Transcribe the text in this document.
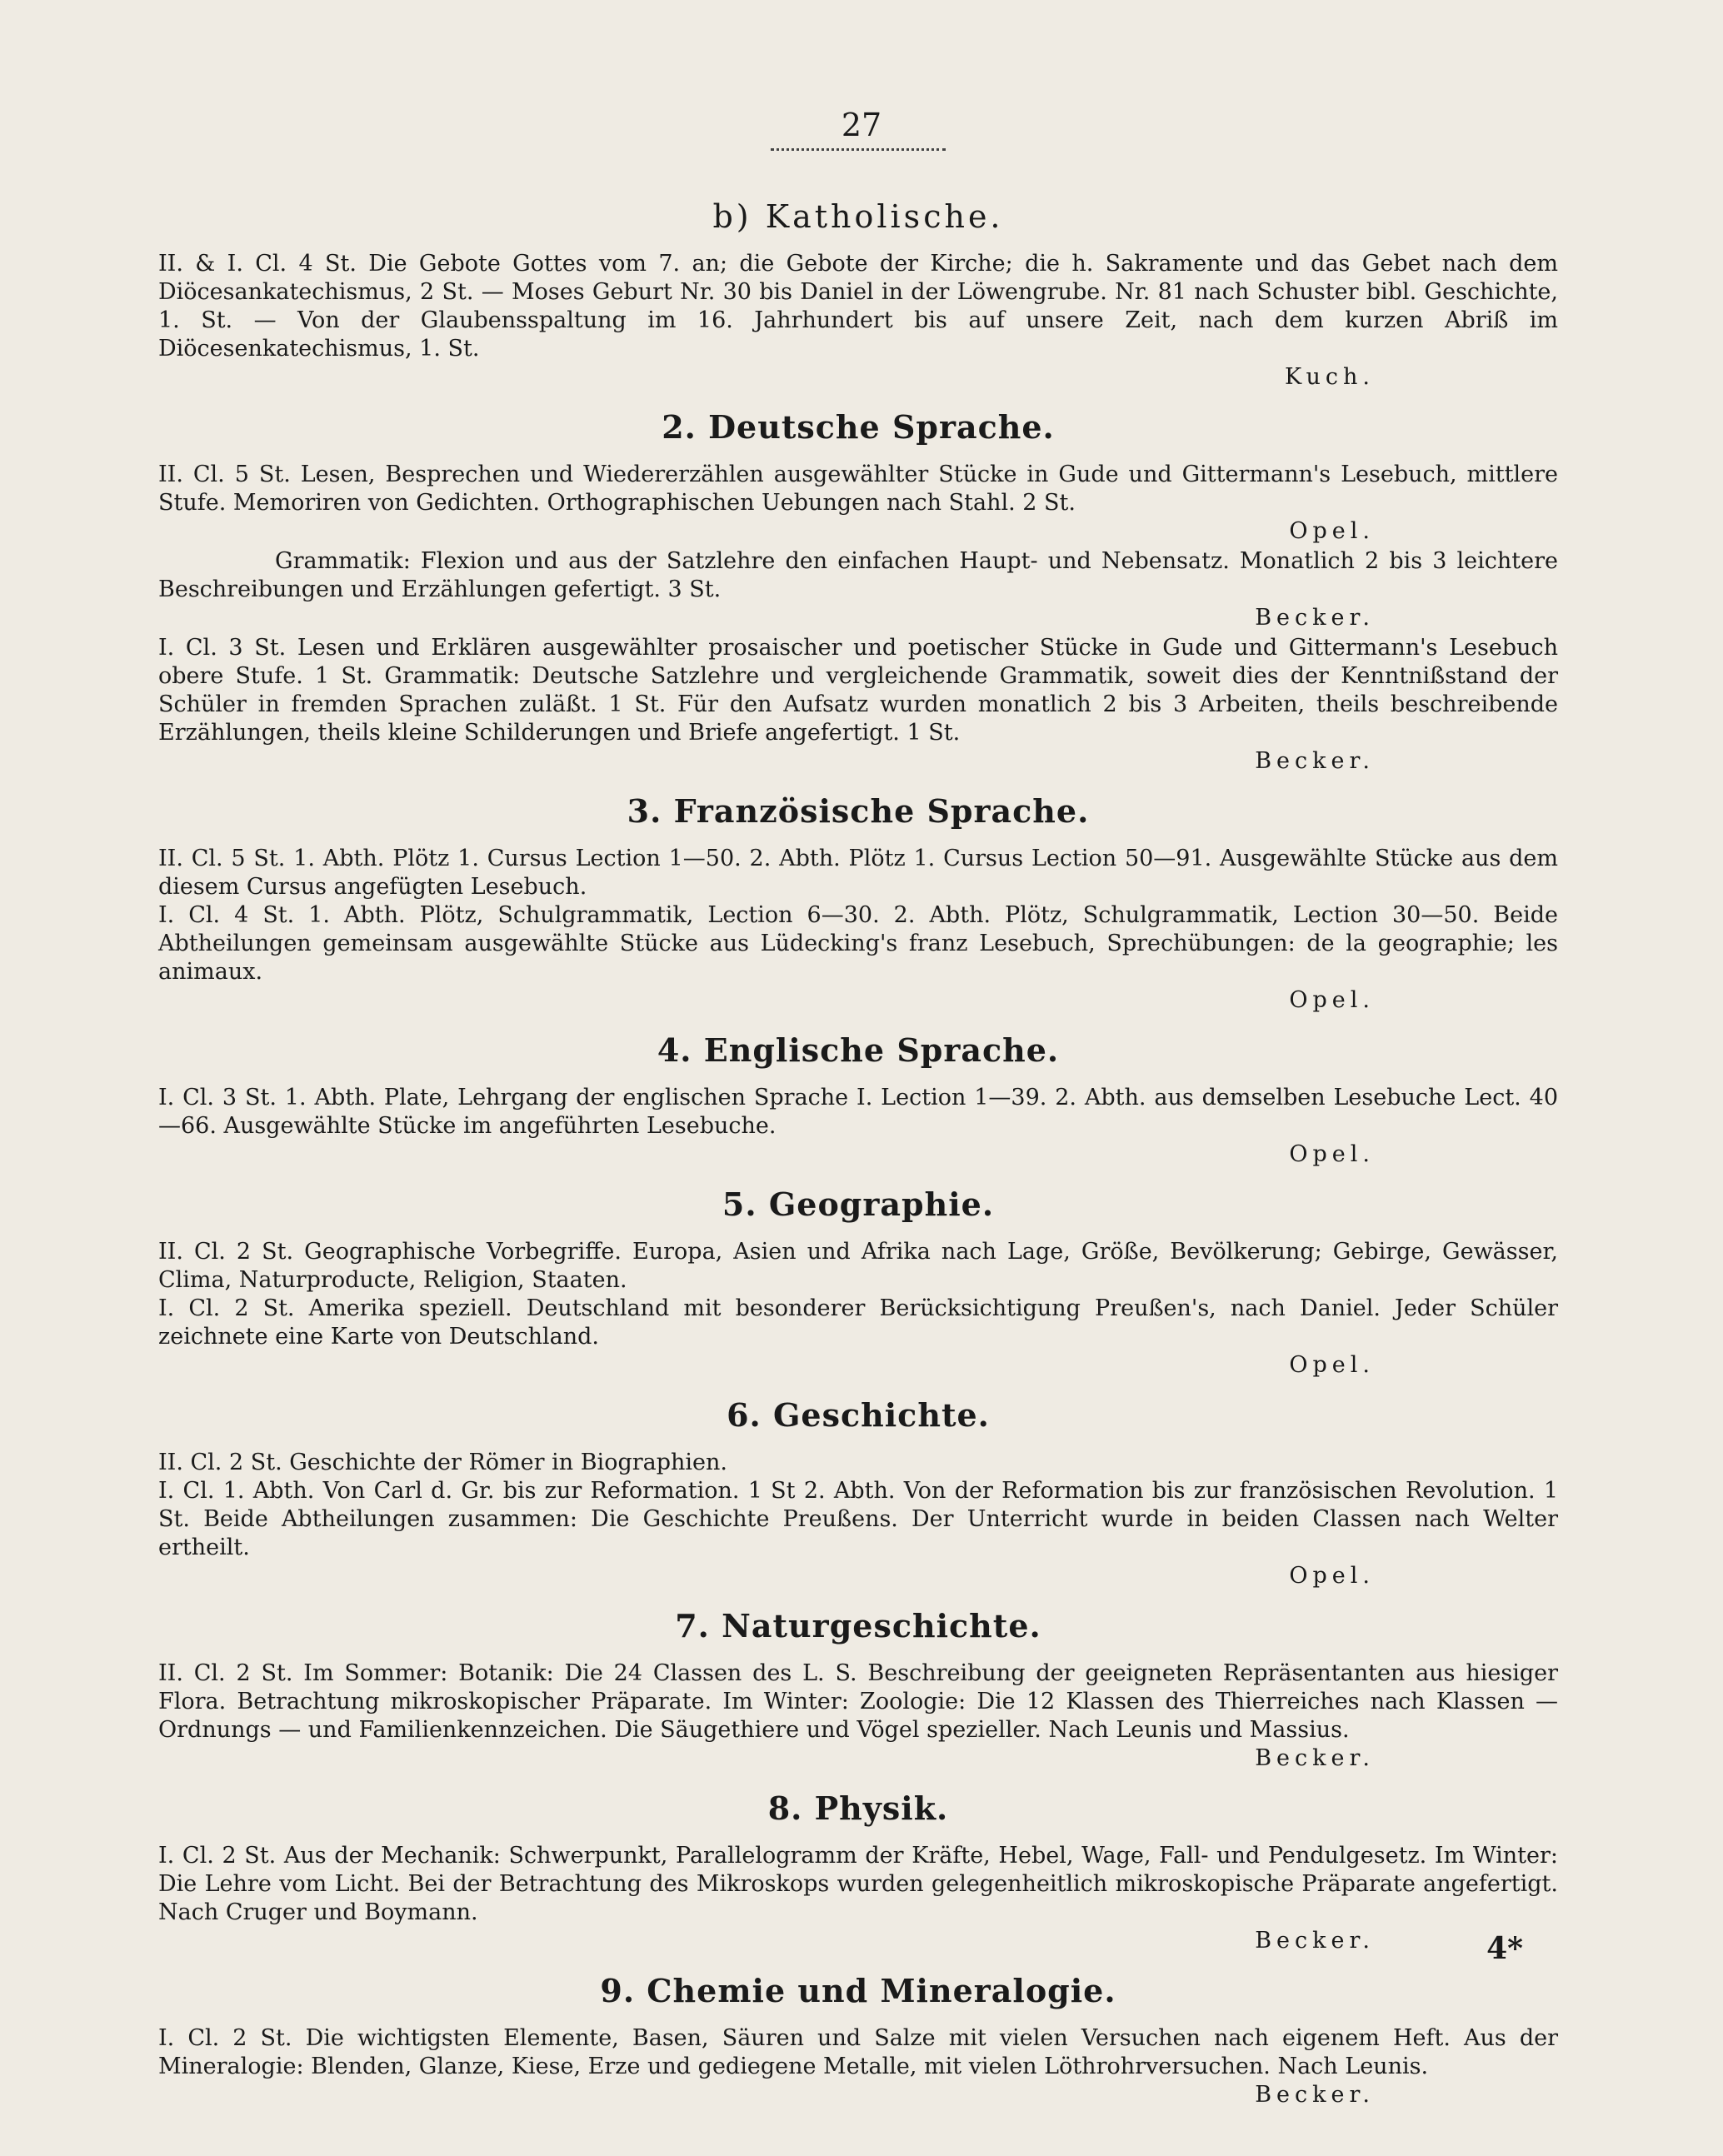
27
b) Katholische.

II. & I. Cl. 4 St. Die Gebote Gottes vom 7. an; die Gebote der Kirche; die h. Sakramente und das Gebet nach dem Diöcesankatechismus, 2 St. — Moses Geburt Nr. 30 bis Daniel in der Löwengrube. Nr. 81 nach Schuster bibl. Geschichte, 1. St. — Von der Glaubensspaltung im 16. Jahrhundert bis auf unsere Zeit, nach dem kurzen Abriß im Diöcesenkatechismus, 1. St.

Kuch.

2. Deutsche Sprache.

II. Cl. 5 St. Lesen, Besprechen und Wiedererzählen ausgewählter Stücke in Gude und Gittermann's Lesebuch, mittlere Stufe. Memoriren von Gedichten. Orthographischen Uebungen nach Stahl. 2 St.

Opel.

Grammatik: Flexion und aus der Satzlehre den einfachen Haupt- und Nebensatz. Monatlich 2 bis 3 leichtere Beschreibungen und Erzählungen gefertigt. 3 St.

Becker.

I. Cl. 3 St. Lesen und Erklären ausgewählter prosaischer und poetischer Stücke in Gude und Gittermann's Lesebuch obere Stufe. 1 St. Grammatik: Deutsche Satzlehre und vergleichende Grammatik, soweit dies der Kenntnißstand der Schüler in fremden Sprachen zuläßt. 1 St. Für den Aufsatz wurden monatlich 2 bis 3 Arbeiten, theils beschreibende Erzählungen, theils kleine Schilderungen und Briefe angefertigt. 1 St.

Becker.

3. Französische Sprache.

II. Cl. 5 St. 1. Abth. Plötz 1. Cursus Lection 1—50. 2. Abth. Plötz 1. Cursus Lection 50—91. Ausgewählte Stücke aus dem diesem Cursus angefügten Lesebuch.

I. Cl. 4 St. 1. Abth. Plötz, Schulgrammatik, Lection 6—30. 2. Abth. Plötz, Schulgrammatik, Lection 30—50. Beide Abtheilungen gemeinsam ausgewählte Stücke aus Lüdecking's franz Lesebuch, Sprechübungen: de la geographie; les animaux.

Opel.

4. Englische Sprache.

I. Cl. 3 St. 1. Abth. Plate, Lehrgang der englischen Sprache I. Lection 1—39. 2. Abth. aus demselben Lesebuche Lect. 40—66. Ausgewählte Stücke im angeführten Lesebuche.

Opel.

5. Geographie.

II. Cl. 2 St. Geographische Vorbegriffe. Europa, Asien und Afrika nach Lage, Größe, Bevölkerung; Gebirge, Gewässer, Clima, Naturproducte, Religion, Staaten.

I. Cl. 2 St. Amerika speziell. Deutschland mit besonderer Berücksichtigung Preußen's, nach Daniel. Jeder Schüler zeichnete eine Karte von Deutschland.

Opel.

6. Geschichte.

II. Cl. 2 St. Geschichte der Römer in Biographien.

I. Cl. 1. Abth. Von Carl d. Gr. bis zur Reformation. 1 St 2. Abth. Von der Reformation bis zur französischen Revolution. 1 St. Beide Abtheilungen zusammen: Die Geschichte Preußens. Der Unterricht wurde in beiden Classen nach Welter ertheilt.

Opel.

7. Naturgeschichte.

II. Cl. 2 St. Im Sommer: Botanik: Die 24 Classen des L. S. Beschreibung der geeigneten Repräsentanten aus hiesiger Flora. Betrachtung mikroskopischer Präparate. Im Winter: Zoologie: Die 12 Klassen des Thierreiches nach Klassen — Ordnungs — und Familienkennzeichen. Die Säugethiere und Vögel spezieller. Nach Leunis und Massius.

Becker.

8. Physik.

I. Cl. 2 St. Aus der Mechanik: Schwerpunkt, Parallelogramm der Kräfte, Hebel, Wage, Fall- und Pendulgesetz. Im Winter: Die Lehre vom Licht. Bei der Betrachtung des Mikroskops wurden gelegenheitlich mikroskopische Präparate angefertigt. Nach Cruger und Boymann.

Becker.

9. Chemie und Mineralogie.

I. Cl. 2 St. Die wichtigsten Elemente, Basen, Säuren und Salze mit vielen Versuchen nach eigenem Heft. Aus der Mineralogie: Blenden, Glanze, Kiese, Erze und gediegene Metalle, mit vielen Löthrohrversuchen. Nach Leunis.

Becker.

4*
